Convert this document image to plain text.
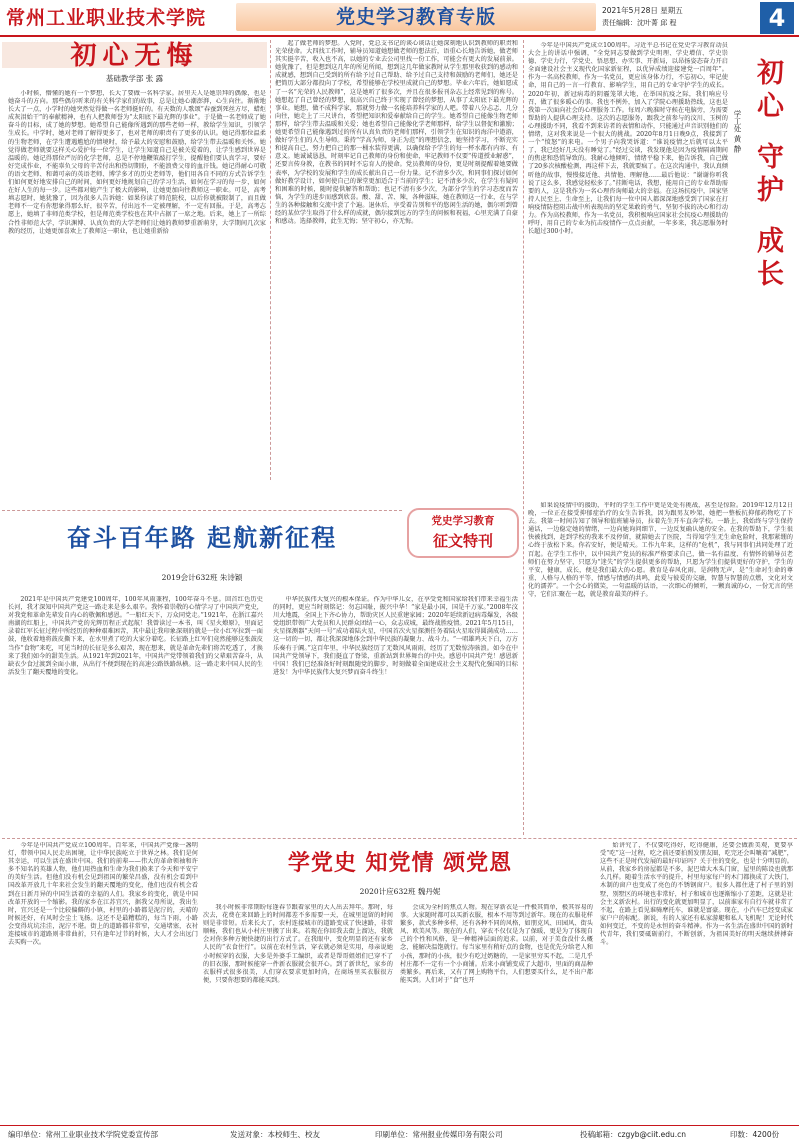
常州工业职业技术学院	党史学习教育专版	2021年5月28日 星期五
责任编辑：沈叶菁 邱 程	4
初心无悔
基础教学部 张 露

小时候，懵懂的她有一个梦想，长大了要做一名科学家。居里夫人是她崇拜的偶像，也是她奋斗的方向。那些偶尔听来的有关科学家们的故事，总是让她心潮澎湃，心生向往。渐渐地长大了一点，小学时的她突然觉得做一名老师挺好的。有天数的人歌颂“春蚕到死丝方尽，蜡炬成灰泪始干”的奉献精神，也有人把教师誉为“太阳底下最光辉的事业”。于是做一名老师成了她奋斗的目标，成了她的梦想。她希望自己能像所遇到的那些老师一样，教给学生知识，引领学生成长。中学时，她对老师了解得更多了，也对老师的职责有了更多的认识。她记得那位温柔的生物老师，在学生遭遇尴尬的情境时，给予最大的安慰和鼓励，给学生带去温暖和关怀。她觉得做老师就要这样关心爱护每一位学生，让学生知道自己是被关爱着的，让学生感到世界是温暖的。她记得那位严厉的化学老师，总是不停地鞭策敲打学生，提醒他们要认真学习，要好好完成作业，不能辜负父母的辛苦付出和热切期盼，不能浪费父母的血汗钱。她记得耐心可敬的语文老师、和蔼可亲的英语老师、博学多才的历史老师等，他们用各自不同的方式告诉学生们如何更好地安排自己的时间，如何更好地规划自己的学习生活，如何在学习的每一步，如何在好人生的每一步。这些都对她产生了极大的影响，让她更加向往教师这一职业。可是，高考填志愿时，她犹豫了，因为很多人告诉她：如果你读了师范院校，以后你就被限制了，而且做老师不一定有你想象得那么好，很辛苦，付出远不一定被理解，不一定有回报。于是，高考志愿上，她填了非师范类学校，但是师范类学校也在其中占据了一席之地。后来，她上了一所综合性非师范大学，学识渊博、认真负责的大学老师们让她的教师梦重新萌芽，大学期间几次家教的经历，让她更加喜欢上了教师这一职业，也让她重新拾

起了做老师的梦想。入党时，党总支书记的谈心谈话让她深刻地认识到教师的职责和光荣使命。大四找工作时，辅导员知道她想做老师的想法后，语重心长地告诉她，做老师其实挺辛苦，收入也不高，以她的专业去公司里找一份工作，可能会有更大的发展前景。她犹豫了，但是想到这几年的所见所闻，想到这几年做家教时从学生那里收获到的感动和成就感，想到自己受到的所有给予过自己帮助、给予过自己支持和鼓励的老师们，她还是把简历大部分都投向了学校，希望能够在学校里成就自己的梦想。毕业六年后，她如愿成了一名“光荣的人民教师”，这是她听了很多次，并且在很多报刊杂志上经常见到的称号。她想起了自己曾经的梦想，很高兴自己终于实现了曾经的梦想，从事了太阳底下最光辉的事业。她想，做不成科学家，那就努力做一名能培养科学家的人吧。带着八分忐忑、几分向往，她走上了三尺讲台，希望把知识和爱奉献给自己的学生。她希望自己能像生物老师那样，给学生带去温暖和关爱；她也希望自己能像化学老师那样，给学生以督促和激励；她更希望自己能像遇到过的所有认真负责的老师们那样，引领学生在知识的海洋中遨游，做好学生们的人生导师。秉持“学高为师，身正为范”的理想信念，她坚持学习，不断充实和提高自己，努力把自己的那一桶水装得更满，以确保给予学生的每一杯水都有内容、有意义。她诚诚恳恳，时刻牢记自己教师的身份和使命，牢记教师不仅要“传道授业解惑”，还要言传身教，在教书的同时不忘育人的使命。党员教师的身份，更是时刻提醒着她要做表率，为学校的发展和学生的成长献出自己一份力量。记不清多少次，和同事们探讨如何做好教学设计，如何使自己的课堂更加适合于当前的学生；记不清多少次，在学生有疑问和困难的时候，随时提供解答和帮助；也记不清有多少次，为部分学生的学习态度而苦恼，为学生的进步而感到欣喜。酸、甜、苦、辣，各种滋味，她在教师这一行业，在与学生的各种接触和交流中尝了个遍。退休后，享受着告别和平的悠闲生活的她，偶尔听到曾经的某位学生取得了什么样的成就，偶尔接到远方的学生的问候和祝福，心里充满了自豪和感动。选择教师，此生无悔；坚守初心，亦无悔。

党史学习教育
征文特刊
奋斗百年路 起航新征程
2019会计632班 朱诗颖

2021年是中国共产党建党100周年，100年风雨兼程，100年奋斗不息。回首红色历史长河，我才深知中国共产党这一路走来是多么艰辛。我怀着崇敬的心情学习了中国共产党史，对我党和革命先辈发自内心的敬佩和感恩。“一船红天下，万众同党走。”1921年，在浙江嘉兴南湖的红船上，中国共产党的光辉历程正式起航！我曾读过一本书，叫《星火燎原》，里面记录着红军长征过程中所经历的种种艰难困苦，其中最让我印象深刻的就是一位小红军拉到一面鼓，他收着地将鼓皮撕下来，在水里煮了吃的大家分着吃。长征路上红军们竟然能够这张鼓皮当作“食物”来吃，可见当时的长征是多么艰苦，现在想来，就是革命先辈们将苦吃透了，才换来了我们如今的甜美生活。从1921年到2021年，中国共产党带领着我们的父辈艰苦奋斗，从缺衣少食过渡到全面小康，从出行不便到现在的高速公路铁路纵横。这一路走来中国人民的生活发生了翻天覆地的变化。

中华民族伟大复兴的根本保证。作为中华儿女，在享受党和国家给我们带来幸福生活的同时，更应当时刻铭记：勿忘国耻，振兴中华！“家是最小国，国是千万家。”2008年汶川大地震，全国上下齐心协力，帮助灾区人民重建家园；2020年延续新冠病毒爆发，各级党组织带领广大党员和人民群众团结一心，众志成城，最终战胜疫情。2021年5月15日，火星探测器“天问一号”成功着陆火星，中国首次火星探测任务着陆火星取得圆满成功……这一切的一切，都让我深深地体会到中华民族的凝聚力、战斗力。“一唱雄鸡天下白，万方乐奏有于阗。”这百年里，中华民族经历了无数风风雨雨，经历了无数惊涛骇浪。如今在中国共产党领导下，我们挺直了脊梁，重新站到世界舞台的中央。感恩中国共产党！感恩新中国！我们已经准备好时刻跟随党的脚步，时刻做着全面建成社会主义现代化强国的目标进发！为中华民族伟大复兴梦而奋斗终生！

初
心
守
护
成
长
学工处 黄 静

今年是中国共产党成立100周年。习近平总书记在党史学习教育动员大会上的讲话中强调，“全党同志要做到学史明理、学史增信、学史崇德、学史力行，学党史、悟思想、办实事、开新局，以昂扬姿态奋力开启全面建设社会主义现代化国家新征程，以优异成绩迎接建党一百周年”。作为一名高校教师，作为一名党员，更应该身体力行，不忘初心，牢记使命，用自己的一言一行教育、影响学生，用自己的专业守护学生的成长。2020年初，新冠病毒的阴霾笼罩大地，在举国抗疫之际，我们响应号召，做了很多暖心的事。我也不例外，加入了学院心理援助热线，这也是我第一次面向社会的心理服务工作。每周六晚准时守候在电脑旁，为需要帮助的人提供心理支持。这次的志愿服务，跟我之前参与的汶川、玉树的心理援助不同，我看不到来访者的表情和动作，只能通过声音识别他们的情绪，这对我来说是一个很大的挑战。2020年8月1日晚9点，我接到了一个“愤怒”的来电。一个男子向我哭诉道：“谁说疫情之后就可以太平了，我已经好几天没有睡觉了。”经过交谈，我发现他是因为疫情隔离期间的焦虑和恐慌导致的。我耐心地倾听，情绪平稳下来，他告诉我，自己做了20多次核酸检测，再这样下去，我就要疯了。在这次沟通中，我认真倾听他的故事，慢慢接近他、共情他、理解他……最后他说：“谢谢你听我说了这么多，我感觉轻松多了。”挂断电话，我想，能用自己的专业帮助需要的人，这是我作为一名心理咨询师最大的幸福。在这场抗疫中，国家坚持人民至上、生命至上，让我们每一位中国人都深深地感受到了国家在打响疫情防控阻击战中所表现出的坚定果敢的勇气、坚韧不拔的决心和行动力。作为高校教师，作为一名党员，我积极响应国家社会抗疫心理援助的呼吁，用自己的专业为抗击疫情作一点点贡献，一年多来，我志愿服务时长超过300小时。

如果说疫情中的援助，平时的学生工作中更是处处有挑战，甚至是惊险。2019年12月12日晚，一位正在接受抑郁症治疗的女生告诉我，因为跟男友吵架，她把一整板抗抑郁药物吃了下去。我第一时间告知了领导和值班辅导员，拉着先生开车直奔学校。一路上，我始终与学生保持通话，一边稳定她的情绪，一边向她询问细节，一边反复确认她的安全。在我的帮助下，学生很快被找到，赶到学校的我来不及停留，就陪她去了医院，当得知学生无生命危险时，我那紧绷的心终于放松下来。你若安好，便是晴天。工作九年来，这样的“危机”，我与同事们共同处理了近百起。在学生工作中，以中国共产党员的标准严格要求自己，做一名有温度、有情怀的辅导员老师们在努力坚守，只愿为“迷失”的学生提供更多的帮助，只愿为学生们提供更好的守护，学生的平安，健康，成长，便是我们最大的心愿。教育是春风化雨，是润物无声，是“生命对生命的尊重，人格与人格的平等，情感与情感的共鸣，此爱与彼爱的交融，智慧与智慧的点燃，文化对文化的濡养”。一个会心的微笑，一句温暖的话语，一次细心的倾听，一颗真诚的心，一份无言的坚守，它们汇聚在一起，就是教育最美的样子。

今年是中国共产党成立100周年。百年来，中国共产党像一盏明灯，带领中国人民走出困境，让中华民族屹立于世界之林。我们是何其幸运，可以生活在盛世中国。我们的前辈——伟大的革命领袖和许多不知名的英雄人物，他们用热血和生命为我们换来了今天和平安宁的美好生活。但他们没有机会见到祖国的繁荣昌盛，没有机会看到中国改革开放几十年来社会发生的翻天覆地的变化，他们也没有机会看到在日新月异的中国生活着的幸福的人们。我家乡的变化，就是中国改革开放的一个缩影。我的家乡在江苏宜兴，据我父母所说，我出生时，宜兴还是一个比较偏僻的小镇，村里的小路都是泥泞的，天晴的时候还好，有风时会尘土飞扬。这还不是最糟糕的，每当下雨，小路会变得坑坑洼洼，泥泞不堪。街上的道路都非常窄，交通堵塞，衣衬连接城市的道路则非常曲折，只有逢年过节的时候，大人才会出远门去买购一次。

学党史 知党情 颂党恩
2020计应632班 魏丹妮

我小时候非常期盼每逢春节跟着家里的大人出去拜年。那时，每次去，花费在来回路上的时间都差不多需要一天，在城里逗留的时间则是非常短。后来长大了，农村连接城市的道路变成了快速路，非常顺畅，我们也从小村庄里搬了出来。若现在你回我去街上溜达，我就会对你多种方便快捷的出行方式了。在我眼中，变化明显的还有家乡人民的“衣食住行”。以前在农村生活，穿衣就必须是实用，母亲说她小时候穿的衣服，大多是外婆手工编织，或者是帮哥姐姐们已穿不了的旧衣服，那时候能穿一件新衣服就会很开心。到了新世纪，家乡的衣服样式很多很美，人们穿衣要求更加时尚，在商场里买衣服很方便，只要你想要的都能买到。

会成为全村的焦点人物。现在穿新衣是一件极其简单，极其容易的事。大家随时都可以买新衣服，根本不用等到过新年。现在的衣服花样繁多，款式多种多样，还有各种不同的风格，如朋克风、田园风、街头风、欧美风等。现在的人们，穿衣不仅仅是为了保暖，更是为了体现自己的个性和风格，是一种精神层面的追求。以前，对于美食没什么概念，能解决温饱就行。每当家里有稍好点的食物，也是优先分给老人和小孩，那时的小孩，很少有吃过奶糖的，一是家里穷买不起，二是几乎村庄都不一定有一个小商铺。后来小商铺变成了大超市，里面的商品种类繁多。再后来，又有了网上购物平台，人们想要买什么，足不出户都能买到。人们对于“食”也开

始讲究了，不仅要吃得好，吃得健康，还要会做新美观，更要享受“吃”这一过程，吃之前还要拍照发朋友圈，吃完还会叫嚷着“减肥”，这些不正是时代发展的最好印证吗？关于住的变化，也是十分明显的。从前，我家乡的房屋都是不多，泥巴墙大木头门窗，屋里的陈设也就那么几样。随着生活水平的提升，村里每家每户的木门都换成了大铁门，木制的窗户也变成了亮色的不锈钢窗户。很多人都住进了村子里的别墅，别墅区的环境也非常好，村子和城市也逐渐缩小了差距，这就是社会主义新农村。出行的变化就更加明显了，以前谁家有自行车就非常了不起，在路上看见谁骑摩托车，谁就是富豪。现在，小汽车已经变成家家户户的标配。据说，有的人家还有私家游艇和私人飞机呢！无论时代如何变迁，不变的是永恒的奋斗精神。作为一名生活在盛世中国的新时代青年，我们要砥砺前行，不断创新，为祖国美好的明天继续拼搏奋斗。

编印单位：常州工业职业技术学院党委宣传部	发送对象：本校师生、校友	印刷单位：常州报业传媒印务有限公司	投稿邮箱：czgyb@ciit.edu.cn	印数：4200份
